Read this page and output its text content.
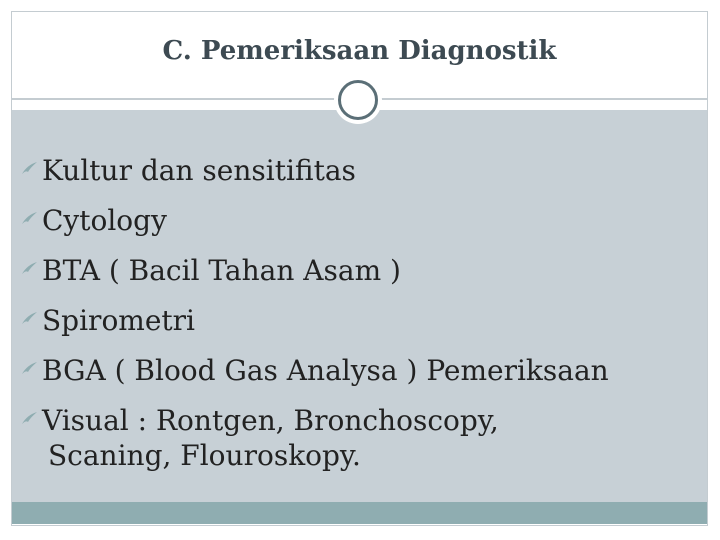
C. Pemeriksaan Diagnostik
Kultur dan sensitifitas
Cytology
BTA ( Bacil Tahan Asam )
Spirometri
BGA ( Blood Gas Analysa ) Pemeriksaan
Visual : Rontgen, Bronchoscopy,
Scaning, Flouroskopy.
